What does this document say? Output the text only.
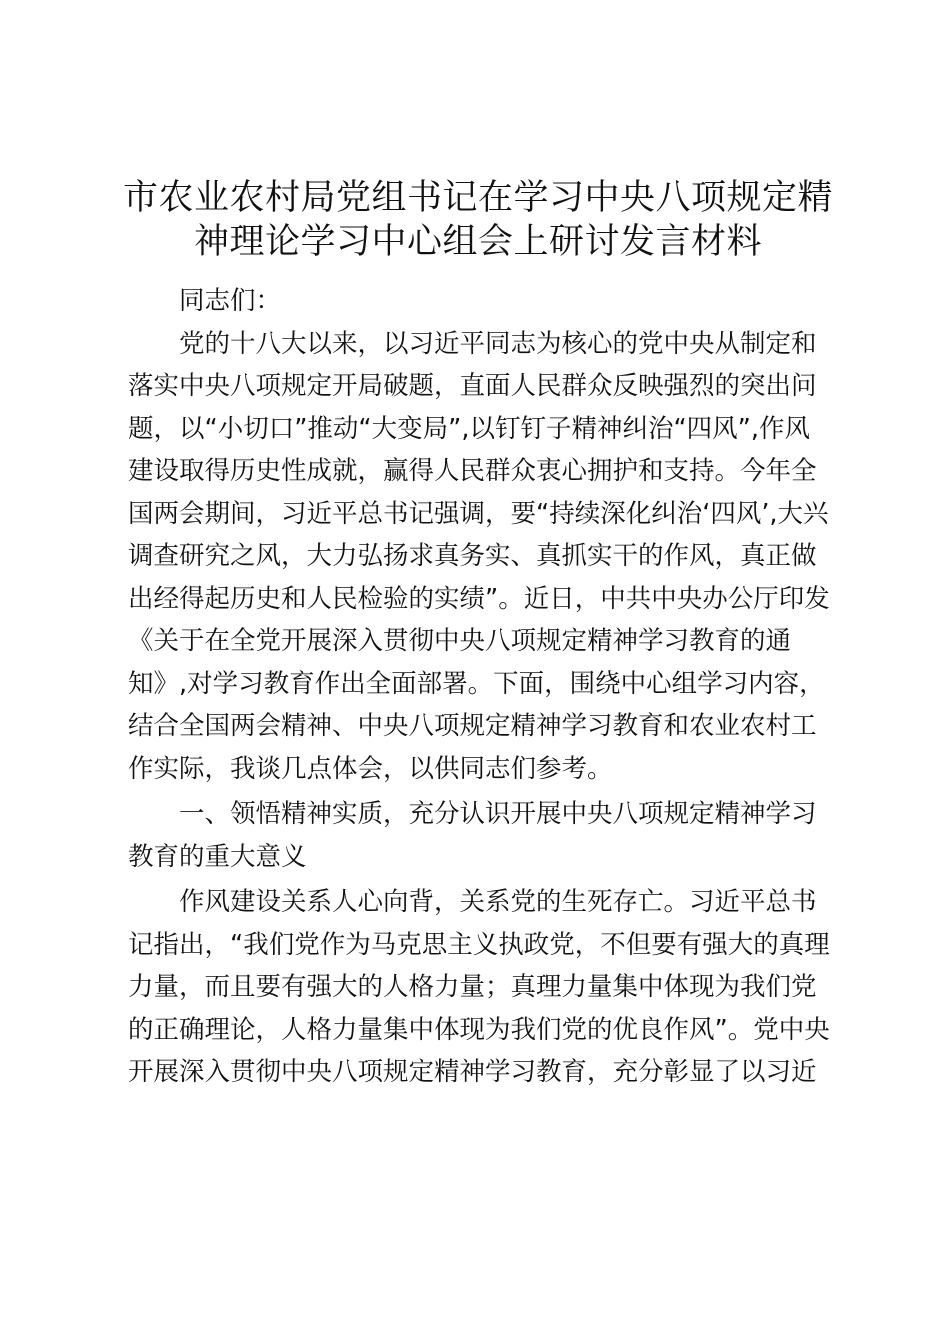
市农业农村局党组书记在学习中央八项规定精
神理论学习中心组会上研讨发言材料
同志们：
党的十八大以来，以习近平同志为核心的党中央从制定和
落实中央八项规定开局破题，直面人民群众反映强烈的突出问
题，以“小切口”推动“大变局”,以钉钉子精神纠治“四风”,作风
建设取得历史性成就，赢得人民群众衷心拥护和支持。今年全
国两会期间，习近平总书记强调，要“持续深化纠治‘四风’,大兴
调查研究之风，大力弘扬求真务实、真抓实干的作风，真正做
出经得起历史和人民检验的实绩”。近日，中共中央办公厅印发
《关于在全党开展深入贯彻中央八项规定精神学习教育的通
知》,对学习教育作出全面部署。下面，围绕中心组学习内容，
结合全国两会精神、中央八项规定精神学习教育和农业农村工
作实际，我谈几点体会，以供同志们参考。
一、领悟精神实质，充分认识开展中央八项规定精神学习
教育的重大意义
作风建设关系人心向背，关系党的生死存亡。习近平总书
记指出，“我们党作为马克思主义执政党，不但要有强大的真理
力量，而且要有强大的人格力量；真理力量集中体现为我们党
的正确理论，人格力量集中体现为我们党的优良作风”。党中央
开展深入贯彻中央八项规定精神学习教育，充分彰显了以习近
